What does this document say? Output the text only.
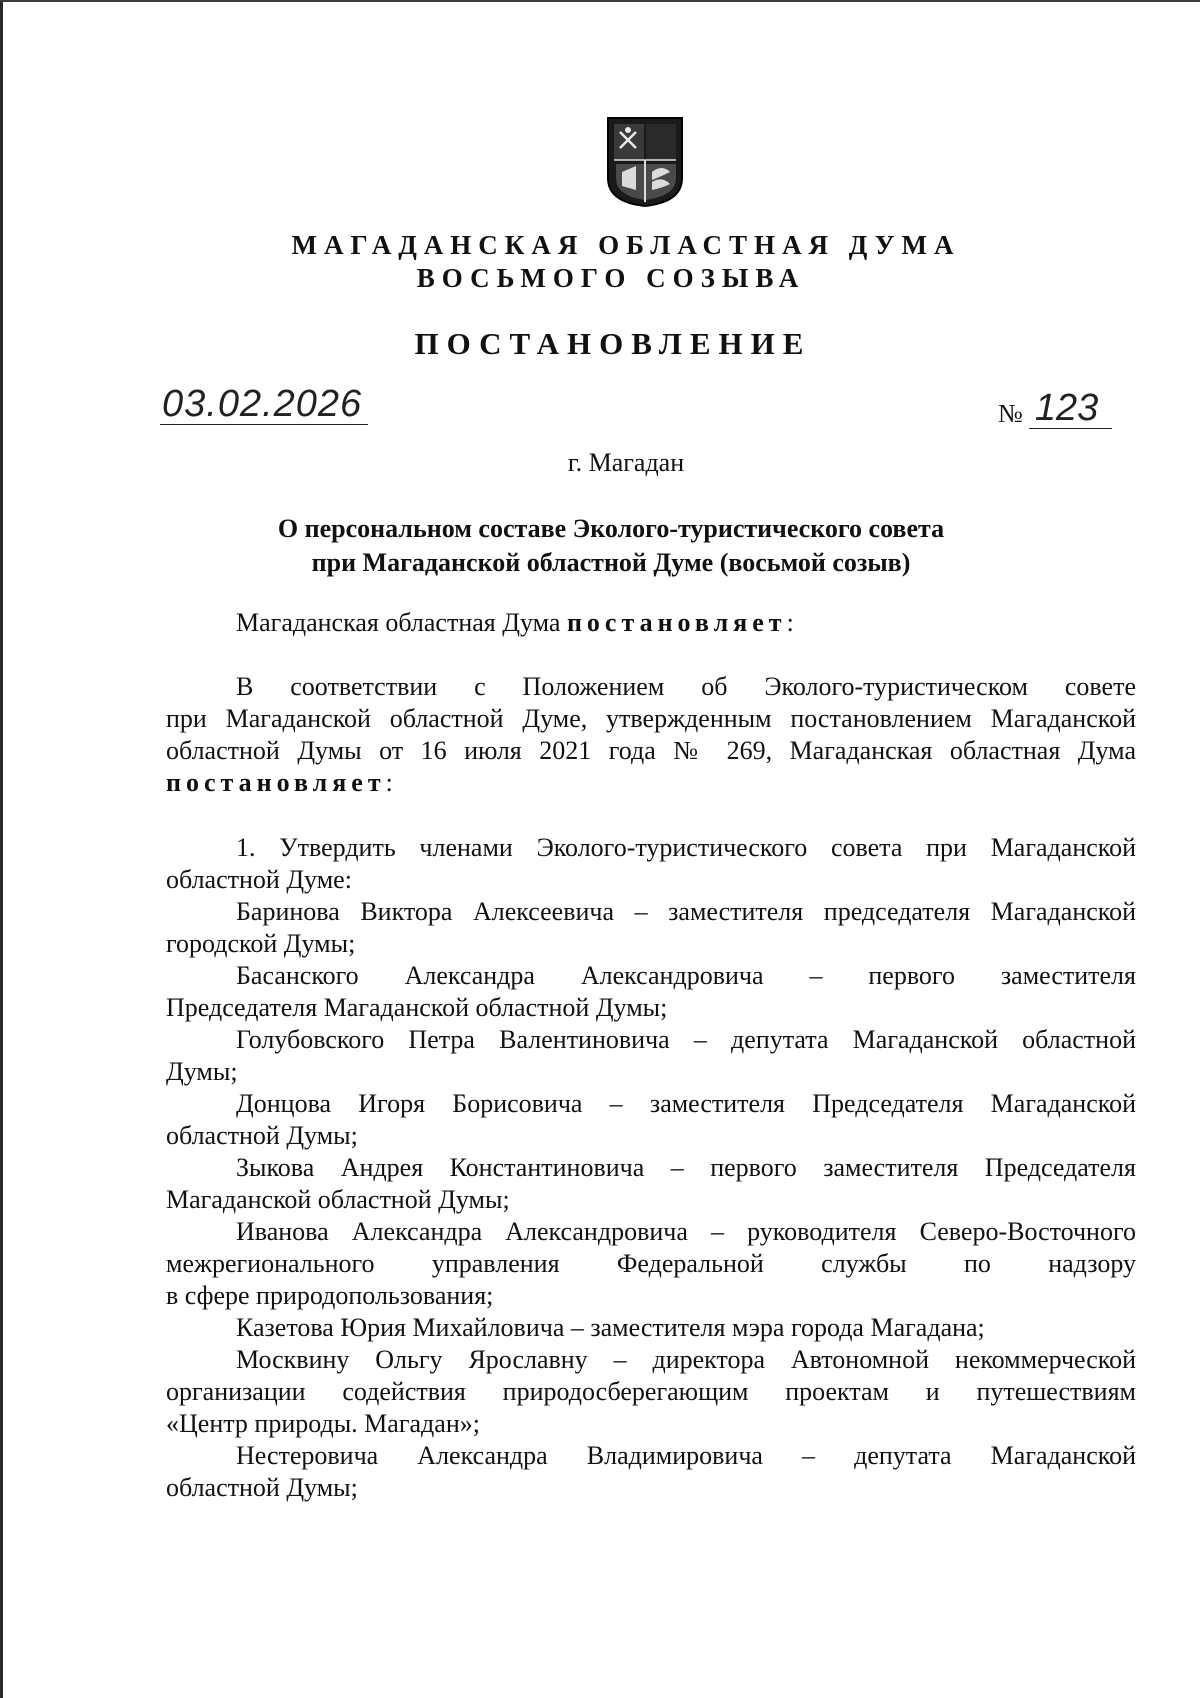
МАГАДАНСКАЯ ОБЛАСТНАЯ ДУМА
ВОСЬМОГО СОЗЫВА
ПОСТАНОВЛЕНИЕ
03.02.2026	№ 123
г. Магадан
О персональном составе Эколого-туристического совета
при Магаданской областной Думе (восьмой созыв)
Магаданская областная Дума постановляет:
В соответствии с Положением об Эколого-туристическом совете
при Магаданской областной Думе, утвержденным постановлением Магаданской
областной Думы от 16 июля 2021 года № 269, Магаданская областная Дума
постановляет:
1. Утвердить членами Эколого-туристического совета при Магаданской
областной Думе:
Баринова Виктора Алексеевича – заместителя председателя Магаданской
городской Думы;
Басанского Александра Александровича – первого заместителя
Председателя Магаданской областной Думы;
Голубовского Петра Валентиновича – депутата Магаданской областной
Думы;
Донцова Игоря Борисовича – заместителя Председателя Магаданской
областной Думы;
Зыкова Андрея Константиновича – первого заместителя Председателя
Магаданской областной Думы;
Иванова Александра Александровича – руководителя Северо-Восточного
межрегионального управления Федеральной службы по надзору
в сфере природопользования;
Казетова Юрия Михайловича – заместителя мэра города Магадана;
Москвину Ольгу Ярославну – директора Автономной некоммерческой
организации содействия природосберегающим проектам и путешествиям
«Центр природы. Магадан»;
Нестеровича Александра Владимировича – депутата Магаданской
областной Думы;
